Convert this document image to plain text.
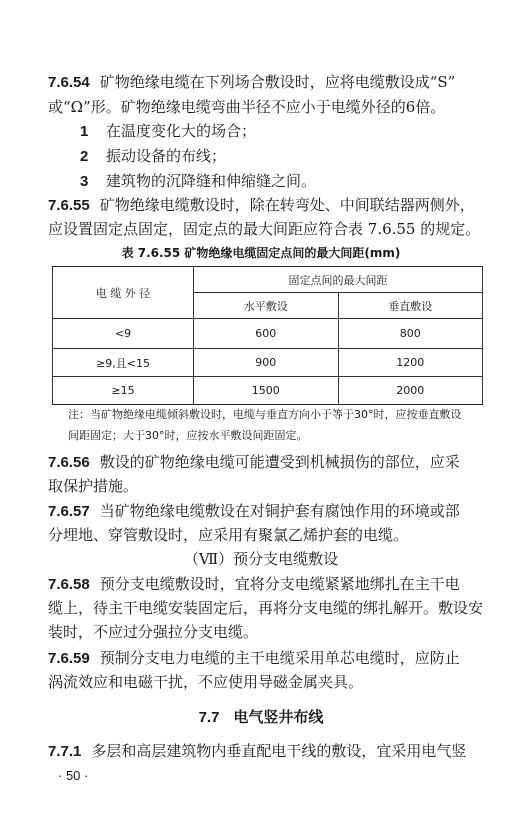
7.6.54 矿物绝缘电缆在下列场合敷设时，应将电缆敷设成“S”
或“Ω”形。矿物绝缘电缆弯曲半径不应小于电缆外径的6倍。
1 在温度变化大的场合；
2 振动设备的布线；
3 建筑物的沉降缝和伸缩缝之间。
7.6.55 矿物绝缘电缆敷设时，除在转弯处、中间联结器两侧外，
应设置固定点固定，固定点的最大间距应符合表 7.6.55 的规定。
表 7.6.55 矿物绝缘电缆固定点间的最大间距(mm)
电 缆 外 径	固定点间的最大间距	
	水平敷设	垂直敷设
<9	600	800
≥9,且<15	900	1200
≥15	1500	2000
注：当矿物绝缘电缆倾斜敷设时，电缆与垂直方向小于等于30°时，应按垂直敷设
间距固定；大于30°时，应按水平敷设间距固定。
7.6.56 敷设的矿物绝缘电缆可能遭受到机械损伤的部位，应采
取保护措施。
7.6.57 当矿物绝缘电缆敷设在对铜护套有腐蚀作用的环境或部
分埋地、穿管敷设时，应采用有聚氯乙烯护套的电缆。
（Ⅶ）预分支电缆敷设
7.6.58 预分支电缆敷设时，宜将分支电缆紧紧地绑扎在主干电
缆上，待主干电缆安装固定后，再将分支电缆的绑扎解开。敷设安
装时，不应过分强拉分支电缆。
7.6.59 预制分支电力电缆的主干电缆采用单芯电缆时，应防止
涡流效应和电磁干扰，不应使用导磁金属夹具。
7.7 电气竖井布线
7.7.1 多层和高层建筑物内垂直配电干线的敷设，宜采用电气竖
· 50 ·
